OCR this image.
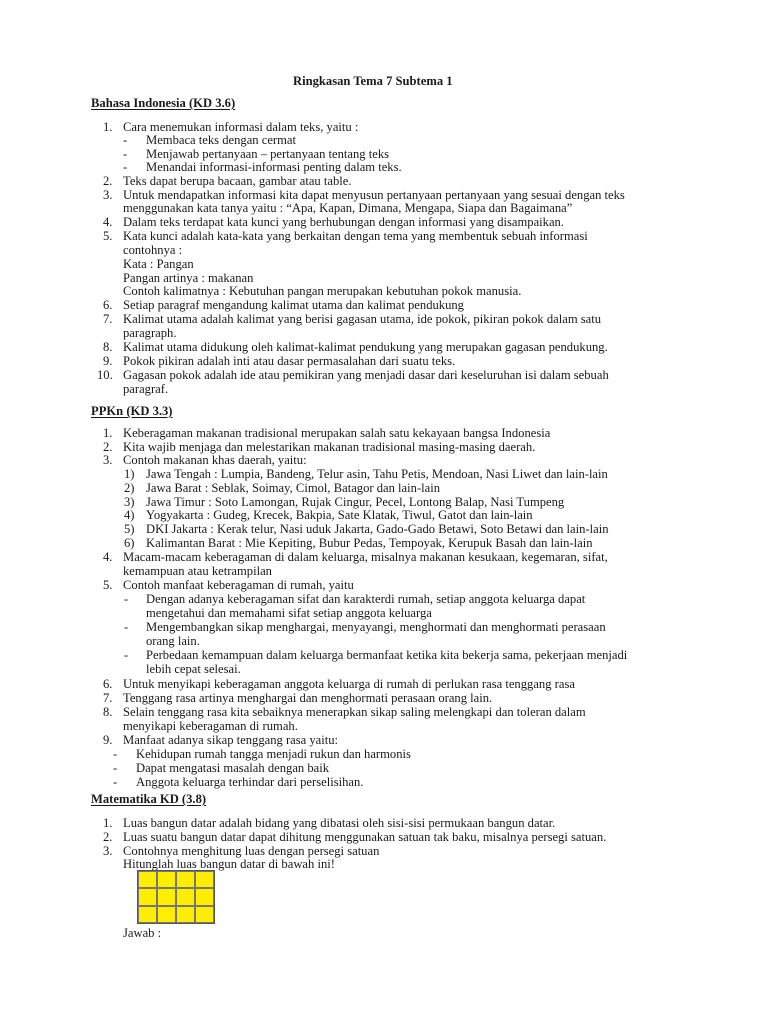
Ringkasan Tema 7 Subtema 1
Bahasa Indonesia (KD 3.6)
1. Cara menemukan informasi dalam teks, yaitu :
- Membaca teks dengan cermat
- Menjawab pertanyaan – pertanyaan tentang teks
- Menandai informasi-informasi penting dalam teks.
2. Teks dapat berupa bacaan, gambar atau table.
3. Untuk mendapatkan informasi kita dapat menyusun pertanyaan pertanyaan yang sesuai dengan teks
menggunakan kata tanya yaitu : “Apa, Kapan, Dimana, Mengapa, Siapa dan Bagaimana”
4. Dalam teks terdapat kata kunci yang berhubungan dengan informasi yang disampaikan.
5. Kata kunci adalah kata-kata yang berkaitan dengan tema yang membentuk sebuah informasi
contohnya :
Kata : Pangan
Pangan artinya : makanan
Contoh kalimatnya : Kebutuhan pangan merupakan kebutuhan pokok manusia.
6. Setiap paragraf mengandung kalimat utama dan kalimat pendukung
7. Kalimat utama adalah kalimat yang berisi gagasan utama, ide pokok, pikiran pokok dalam satu
paragraph.
8. Kalimat utama didukung oleh kalimat-kalimat pendukung yang merupakan gagasan pendukung.
9. Pokok pikiran adalah inti atau dasar permasalahan dari suatu teks.
10. Gagasan pokok adalah ide atau pemikiran yang menjadi dasar dari keseluruhan isi dalam sebuah
paragraf.
PPKn (KD 3.3)
1. Keberagaman makanan tradisional merupakan salah satu kekayaan bangsa Indonesia
2. Kita wajib menjaga dan melestarikan makanan tradisional masing-masing daerah.
3. Contoh makanan khas daerah, yaitu:
1) Jawa Tengah : Lumpia, Bandeng, Telur asin, Tahu Petis, Mendoan, Nasi Liwet dan lain-lain
2) Jawa Barat : Seblak, Soimay, Cimol, Batagor dan lain-lain
3) Jawa Timur : Soto Lamongan, Rujak Cingur, Pecel, Lontong Balap, Nasi Tumpeng
4) Yogyakarta : Gudeg, Krecek, Bakpia, Sate Klatak, Tiwul, Gatot dan lain-lain
5) DKI Jakarta : Kerak telur, Nasi uduk Jakarta, Gado-Gado Betawi, Soto Betawi dan lain-lain
6) Kalimantan Barat : Mie Kepiting, Bubur Pedas, Tempoyak, Kerupuk Basah dan lain-lain
4. Macam-macam keberagaman di dalam keluarga, misalnya makanan kesukaan, kegemaran, sifat,
kemampuan atau ketrampilan
5. Contoh manfaat keberagaman di rumah, yaitu
- Dengan adanya keberagaman sifat dan karakterdi rumah, setiap anggota keluarga dapat
mengetahui dan memahami sifat setiap anggota keluarga
- Mengembangkan sikap menghargai, menyayangi, menghormati dan menghormati perasaan
orang lain.
- Perbedaan kemampuan dalam keluarga bermanfaat ketika kita bekerja sama, pekerjaan menjadi
lebih cepat selesai.
6. Untuk menyikapi keberagaman anggota keluarga di rumah di perlukan rasa tenggang rasa
7. Tenggang rasa artinya menghargai dan menghormati perasaan orang lain.
8. Selain tenggang rasa kita sebaiknya menerapkan sikap saling melengkapi dan toleran dalam
menyikapi keberagaman di rumah.
9. Manfaat adanya sikap tenggang rasa yaitu:
- Kehidupan rumah tangga menjadi rukun dan harmonis
- Dapat mengatasi masalah dengan baik
- Anggota keluarga terhindar dari perselisihan.
Matematika KD (3.8)
1. Luas bangun datar adalah bidang yang dibatasi oleh sisi-sisi permukaan bangun datar.
2. Luas suatu bangun datar dapat dihitung menggunakan satuan tak baku, misalnya persegi satuan.
3. Contohnya menghitung luas dengan persegi satuan
Hitunglah luas bangun datar di bawah ini!
Jawab :
